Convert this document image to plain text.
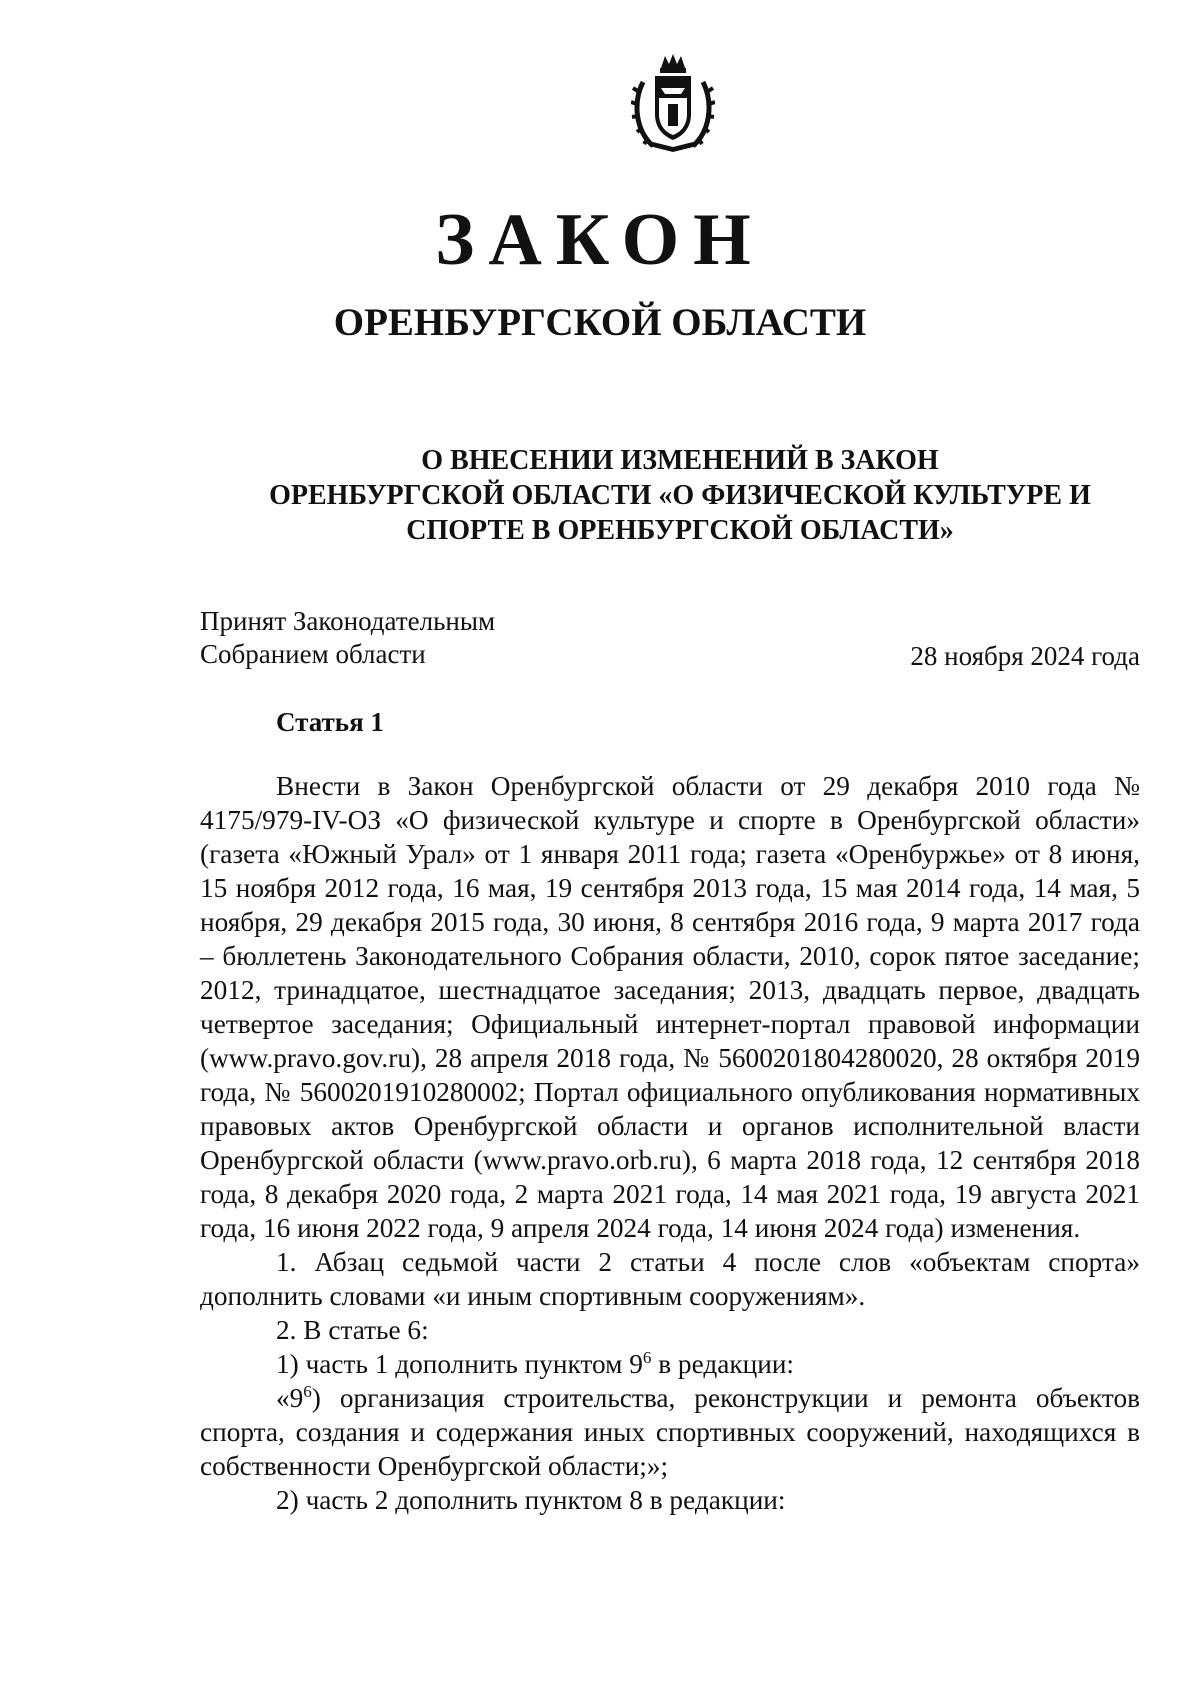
ЗАКОН
ОРЕНБУРГСКОЙ ОБЛАСТИ
О ВНЕСЕНИИ ИЗМЕНЕНИЙ В ЗАКОН
ОРЕНБУРГСКОЙ ОБЛАСТИ «О ФИЗИЧЕСКОЙ КУЛЬТУРЕ И
СПОРТЕ В ОРЕНБУРГСКОЙ ОБЛАСТИ»
Принят Законодательным
Собранием области	28 ноября 2024 года
Статья 1

Внести в Закон Оренбургской области от 29 декабря 2010 года № 4175/979-IV-ОЗ «О физической культуре и спорте в Оренбургской области» (газета «Южный Урал» от 1 января 2011 года; газета «Оренбуржье» от 8 июня, 15 ноября 2012 года, 16 мая, 19 сентября 2013 года, 15 мая 2014 года, 14 мая, 5 ноября, 29 декабря 2015 года, 30 июня, 8 сентября 2016 года, 9 марта 2017 года – бюллетень Законодательного Собрания области, 2010, сорок пятое заседание; 2012, тринадцатое, шестнадцатое заседания; 2013, двадцать первое, двадцать четвертое заседания; Официальный интернет-портал правовой информации (www.pravo.gov.ru), 28 апреля 2018 года, № 5600201804280020, 28 октября 2019 года, № 5600201910280002; Портал официального опубликования нормативных правовых актов Оренбургской области и органов исполнительной власти Оренбургской области (www.pravo.orb.ru), 6 марта 2018 года, 12 сентября 2018 года, 8 декабря 2020 года, 2 марта 2021 года, 14 мая 2021 года, 19 августа 2021 года, 16 июня 2022 года, 9 апреля 2024 года, 14 июня 2024 года) изменения.

1. Абзац седьмой части 2 статьи 4 после слов «объектам спорта» дополнить словами «и иным спортивным сооружениям».

2. В статье 6:

1) часть 1 дополнить пунктом $9^6$ в редакции:

«$9^6$) организация строительства, реконструкции и ремонта объектов спорта, создания и содержания иных спортивных сооружений, находящихся в собственности Оренбургской области;»;

2) часть 2 дополнить пунктом 8 в редакции:
